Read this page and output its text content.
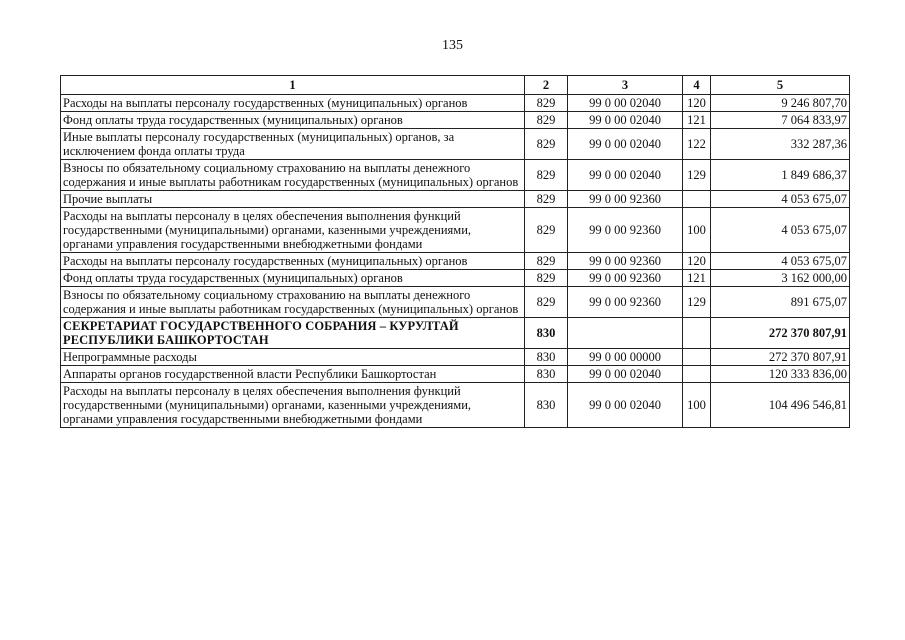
135
1	2	3	4	5
Расходы на выплаты персоналу государственных (муниципальных) органов	829	99 0 00 02040	120	9 246 807,70
Фонд оплаты труда государственных (муниципальных) органов	829	99 0 00 02040	121	7 064 833,97
Иные выплаты персоналу государственных (муниципальных) органов, за исключением фонда оплаты труда	829	99 0 00 02040	122	332 287,36
Взносы по обязательному социальному страхованию на выплаты денежного содержания и иные выплаты работникам государственных (муниципальных) органов	829	99 0 00 02040	129	1 849 686,37
Прочие выплаты	829	99 0 00 92360		4 053 675,07
Расходы на выплаты персоналу в целях обеспечения выполнения функций государственными (муниципальными) органами, казенными учреждениями, органами управления государственными внебюджетными фондами	829	99 0 00 92360	100	4 053 675,07
Расходы на выплаты персоналу государственных (муниципальных) органов	829	99 0 00 92360	120	4 053 675,07
Фонд оплаты труда государственных (муниципальных) органов	829	99 0 00 92360	121	3 162 000,00
Взносы по обязательному социальному страхованию на выплаты денежного содержания и иные выплаты работникам государственных (муниципальных) органов	829	99 0 00 92360	129	891 675,07
СЕКРЕТАРИАТ ГОСУДАРСТВЕННОГО СОБРАНИЯ – КУРУЛТАЙ РЕСПУБЛИКИ БАШКОРТОСТАН	830			272 370 807,91
Непрограммные расходы	830	99 0 00 00000		272 370 807,91
Аппараты органов государственной власти Республики Башкортостан	830	99 0 00 02040		120 333 836,00
Расходы на выплаты персоналу в целях обеспечения выполнения функций государственными (муниципальными) органами, казенными учреждениями, органами управления государственными внебюджетными фондами	830	99 0 00 02040	100	104 496 546,81
